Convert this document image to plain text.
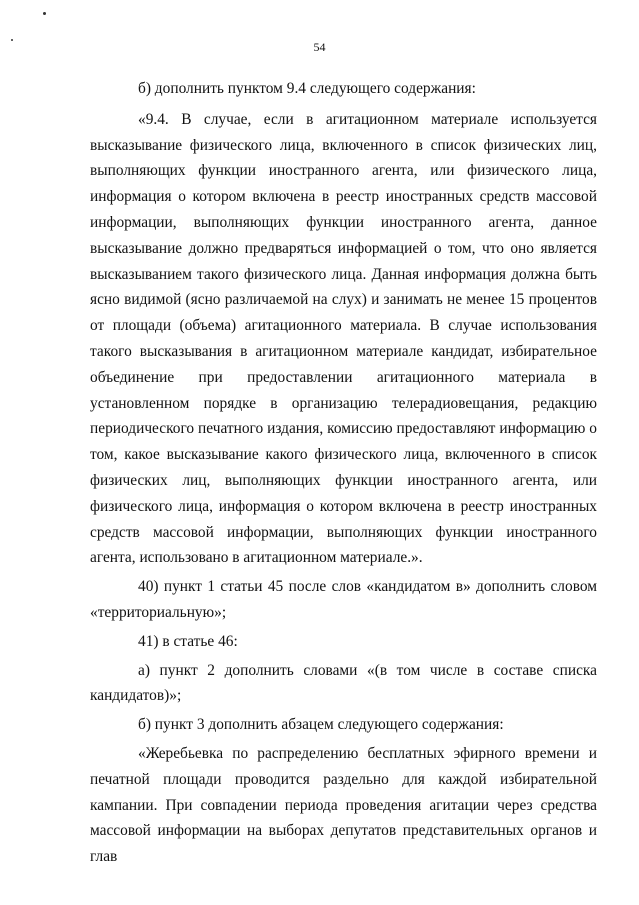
54

б) дополнить пунктом 9.4 следующего содержания:

«9.4. В случае, если в агитационном материале используется высказывание физического лица, включенного в список физических лиц, выполняющих функции иностранного агента, или физического лица, информация о котором включена в реестр иностранных средств массовой информации, выполняющих функции иностранного агента, данное высказывание должно предваряться информацией о том, что оно является высказыванием такого физического лица. Данная информация должна быть ясно видимой (ясно различаемой на слух) и занимать не менее 15 процентов от площади (объема) агитационного материала. В случае использования такого высказывания в агитационном материале кандидат, избирательное объединение при предоставлении агитационного материала в установленном порядке в организацию телерадиовещания, редакцию периодического печатного издания, комиссию предоставляют информацию о том, какое высказывание какого физического лица, включенного в список физических лиц, выполняющих функции иностранного агента, или физического лица, информация о котором включена в реестр иностранных средств массовой информации, выполняющих функции иностранного агента, использовано в агитационном материале.».

40) пункт 1 статьи 45 после слов «кандидатом в» дополнить словом «территориальную»;

41) в статье 46:

а) пункт 2 дополнить словами «(в том числе в составе списка кандидатов)»;

б) пункт 3 дополнить абзацем следующего содержания:

«Жеребьевка по распределению бесплатных эфирного времени и печатной площади проводится раздельно для каждой избирательной кампании. При совпадении периода проведения агитации через средства массовой информации на выборах депутатов представительных органов и глав
